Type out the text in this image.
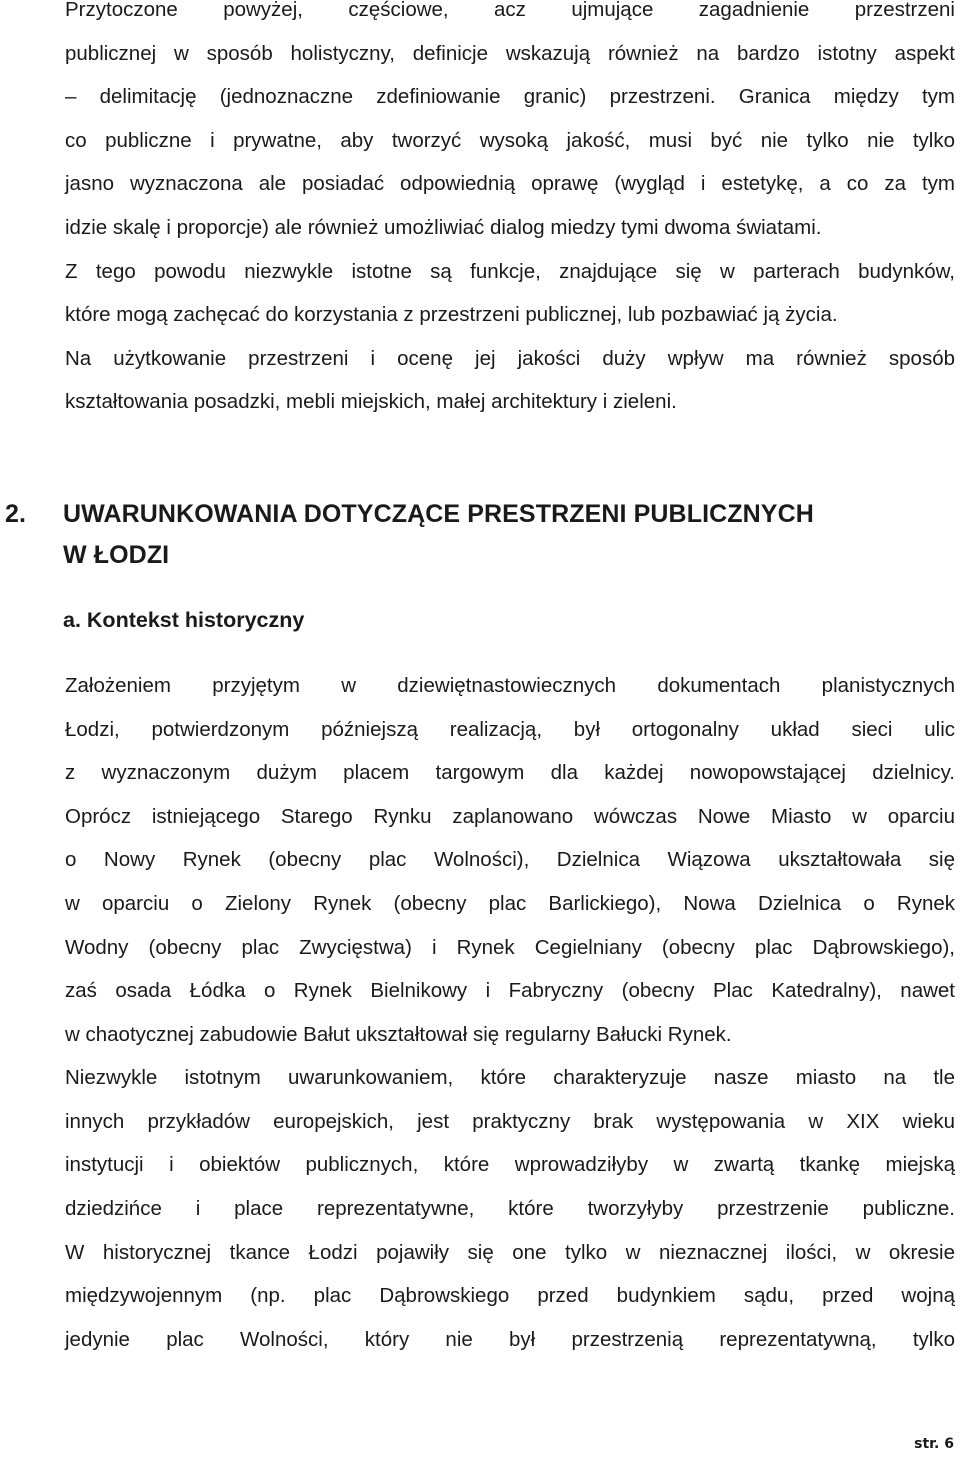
Przytoczone powyżej, częściowe, acz ujmujące zagadnienie przestrzeni
publicznej w sposób holistyczny, definicje wskazują również na bardzo istotny aspekt
– delimitację (jednoznaczne zdefiniowanie granic) przestrzeni. Granica między tym
co publiczne i prywatne, aby tworzyć wysoką jakość, musi być nie tylko nie tylko
jasno wyznaczona ale posiadać odpowiednią oprawę (wygląd i estetykę, a co za tym
idzie skalę i proporcje) ale również umożliwiać dialog miedzy tymi dwoma światami.
Z tego powodu niezwykle istotne są funkcje, znajdujące się w parterach budynków,
które mogą zachęcać do korzystania z przestrzeni publicznej, lub pozbawiać ją życia.
Na użytkowanie przestrzeni i ocenę jej jakości duży wpływ ma również sposób
kształtowania posadzki, mebli miejskich, małej architektury i zieleni.
2. UWARUNKOWANIA DOTYCZĄCE PRESTRZENI PUBLICZNYCH
W ŁODZI
a. Kontekst historyczny
Założeniem przyjętym w dziewiętnastowiecznych dokumentach planistycznych
Łodzi, potwierdzonym późniejszą realizacją, był ortogonalny układ sieci ulic
z wyznaczonym dużym placem targowym dla każdej nowopowstającej dzielnicy.
Oprócz istniejącego Starego Rynku zaplanowano wówczas Nowe Miasto w oparciu
o Nowy Rynek (obecny plac Wolności), Dzielnica Wiązowa ukształtowała się
w oparciu o Zielony Rynek (obecny plac Barlickiego), Nowa Dzielnica o Rynek
Wodny (obecny plac Zwycięstwa) i Rynek Cegielniany (obecny plac Dąbrowskiego),
zaś osada Łódka o Rynek Bielnikowy i Fabryczny (obecny Plac Katedralny), nawet
w chaotycznej zabudowie Bałut ukształtował się regularny Bałucki Rynek.
Niezwykle istotnym uwarunkowaniem, które charakteryzuje nasze miasto na tle
innych przykładów europejskich, jest praktyczny brak występowania w XIX wieku
instytucji i obiektów publicznych, które wprowadziłyby w zwartą tkankę miejską
dziedzińce i place reprezentatywne, które tworzyłyby przestrzenie publiczne.
W historycznej tkance Łodzi pojawiły się one tylko w nieznacznej ilości, w okresie
międzywojennym (np. plac Dąbrowskiego przed budynkiem sądu, przed wojną
jedynie plac Wolności, który nie był przestrzenią reprezentatywną, tylko
str. 6
